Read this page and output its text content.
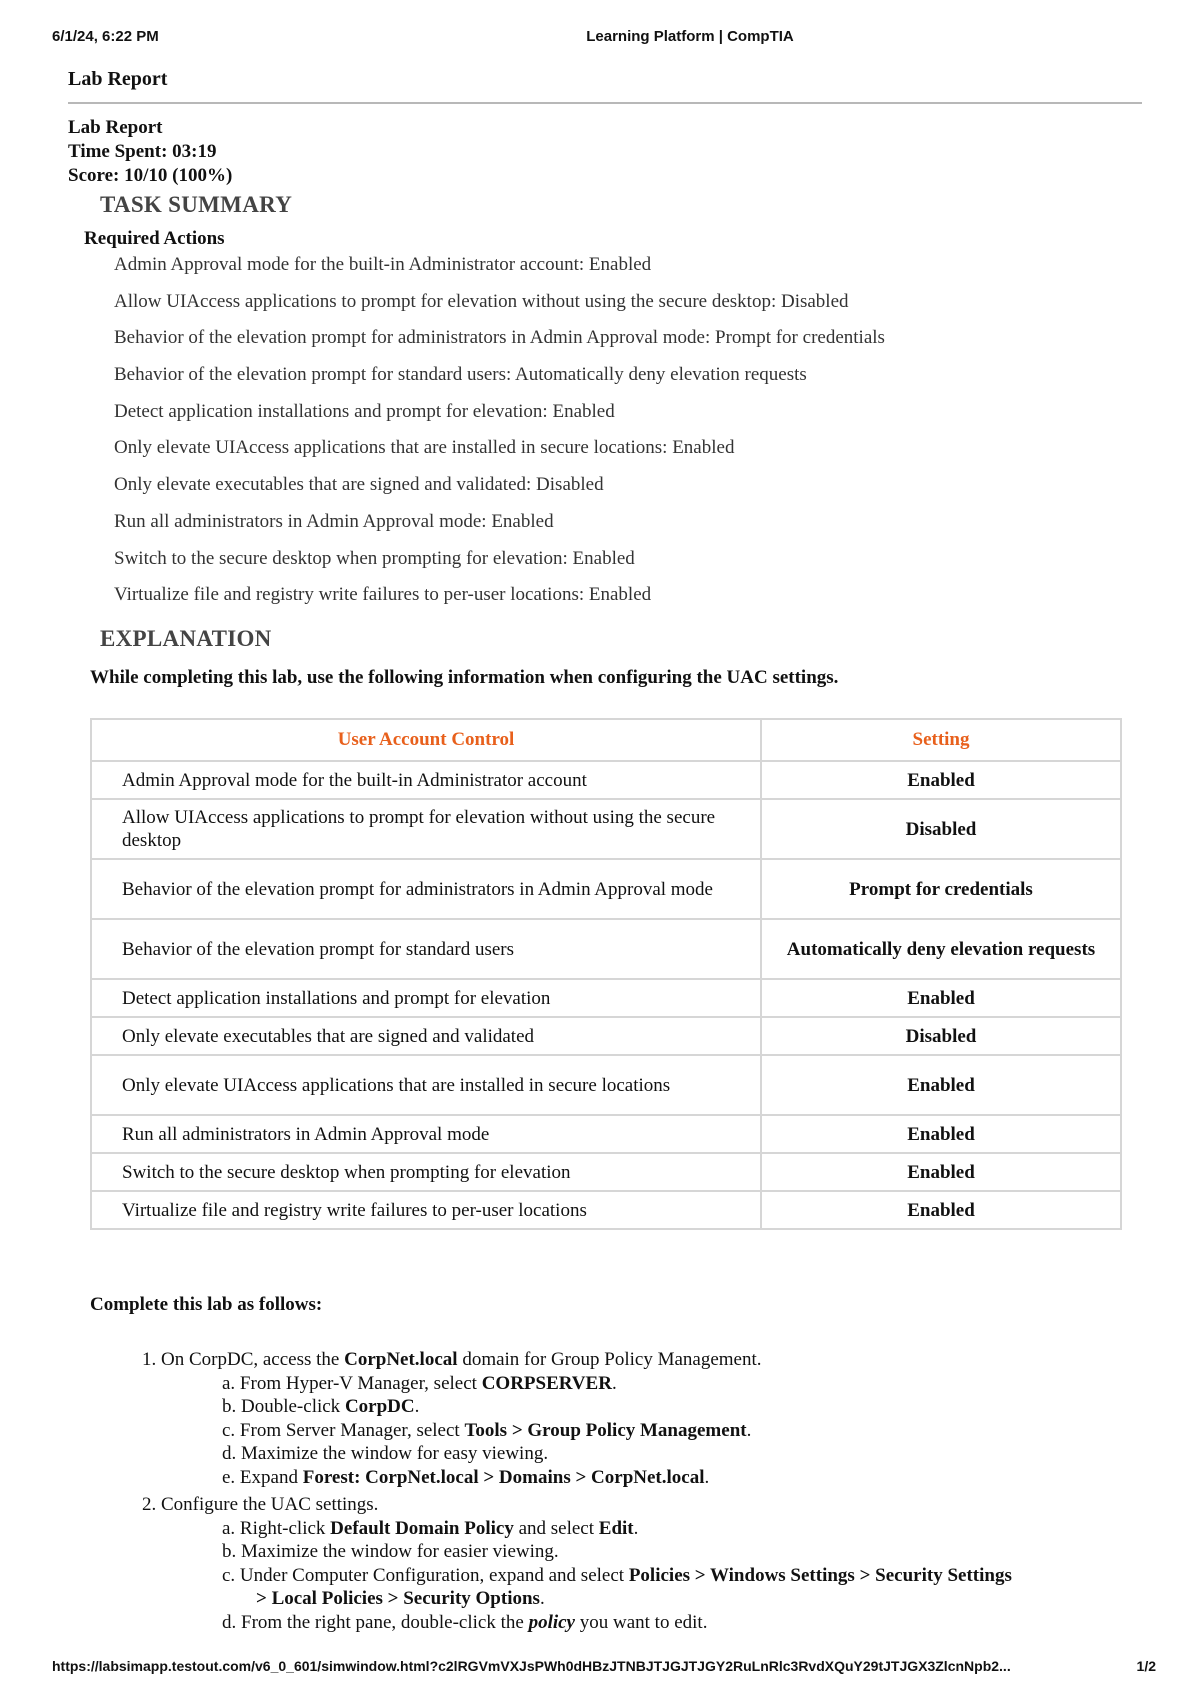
6/1/24, 6:22 PM	Learning Platform | CompTIA
Lab Report
Lab Report
Time Spent: 03:19
Score: 10/10 (100%)
TASK SUMMARY
Required Actions
Admin Approval mode for the built-in Administrator account: Enabled
Allow UIAccess applications to prompt for elevation without using the secure desktop: Disabled
Behavior of the elevation prompt for administrators in Admin Approval mode: Prompt for credentials
Behavior of the elevation prompt for standard users: Automatically deny elevation requests
Detect application installations and prompt for elevation: Enabled
Only elevate UIAccess applications that are installed in secure locations: Enabled
Only elevate executables that are signed and validated: Disabled
Run all administrators in Admin Approval mode: Enabled
Switch to the secure desktop when prompting for elevation: Enabled
Virtualize file and registry write failures to per-user locations: Enabled
EXPLANATION
While completing this lab, use the following information when configuring the UAC settings.
User Account Control	Setting
Admin Approval mode for the built-in Administrator account	Enabled
Allow UIAccess applications to prompt for elevation without using the secure desktop	Disabled
Behavior of the elevation prompt for administrators in Admin Approval mode	Prompt for credentials
Behavior of the elevation prompt for standard users	Automatically deny elevation requests
Detect application installations and prompt for elevation	Enabled
Only elevate executables that are signed and validated	Disabled
Only elevate UIAccess applications that are installed in secure locations	Enabled
Run all administrators in Admin Approval mode	Enabled
Switch to the secure desktop when prompting for elevation	Enabled
Virtualize file and registry write failures to per-user locations	Enabled
Complete this lab as follows:
1. On CorpDC, access the CorpNet.local domain for Group Policy Management.
a. From Hyper-V Manager, select CORPSERVER.
b. Double-click CorpDC.
c. From Server Manager, select Tools > Group Policy Management.
d. Maximize the window for easy viewing.
e. Expand Forest: CorpNet.local > Domains > CorpNet.local.
2. Configure the UAC settings.
a. Right-click Default Domain Policy and select Edit.
b. Maximize the window for easier viewing.
c. Under Computer Configuration, expand and select Policies > Windows Settings > Security Settings
> Local Policies > Security Options.
d. From the right pane, double-click the policy you want to edit.
https://labsimapp.testout.com/v6_0_601/simwindow.html?c2lRGVmVXJsPWh0dHBzJTNBJTJGJTJGY2RuLnRlc3RvdXQuY29tJTJGX3ZlcnNpb2...	1/2
